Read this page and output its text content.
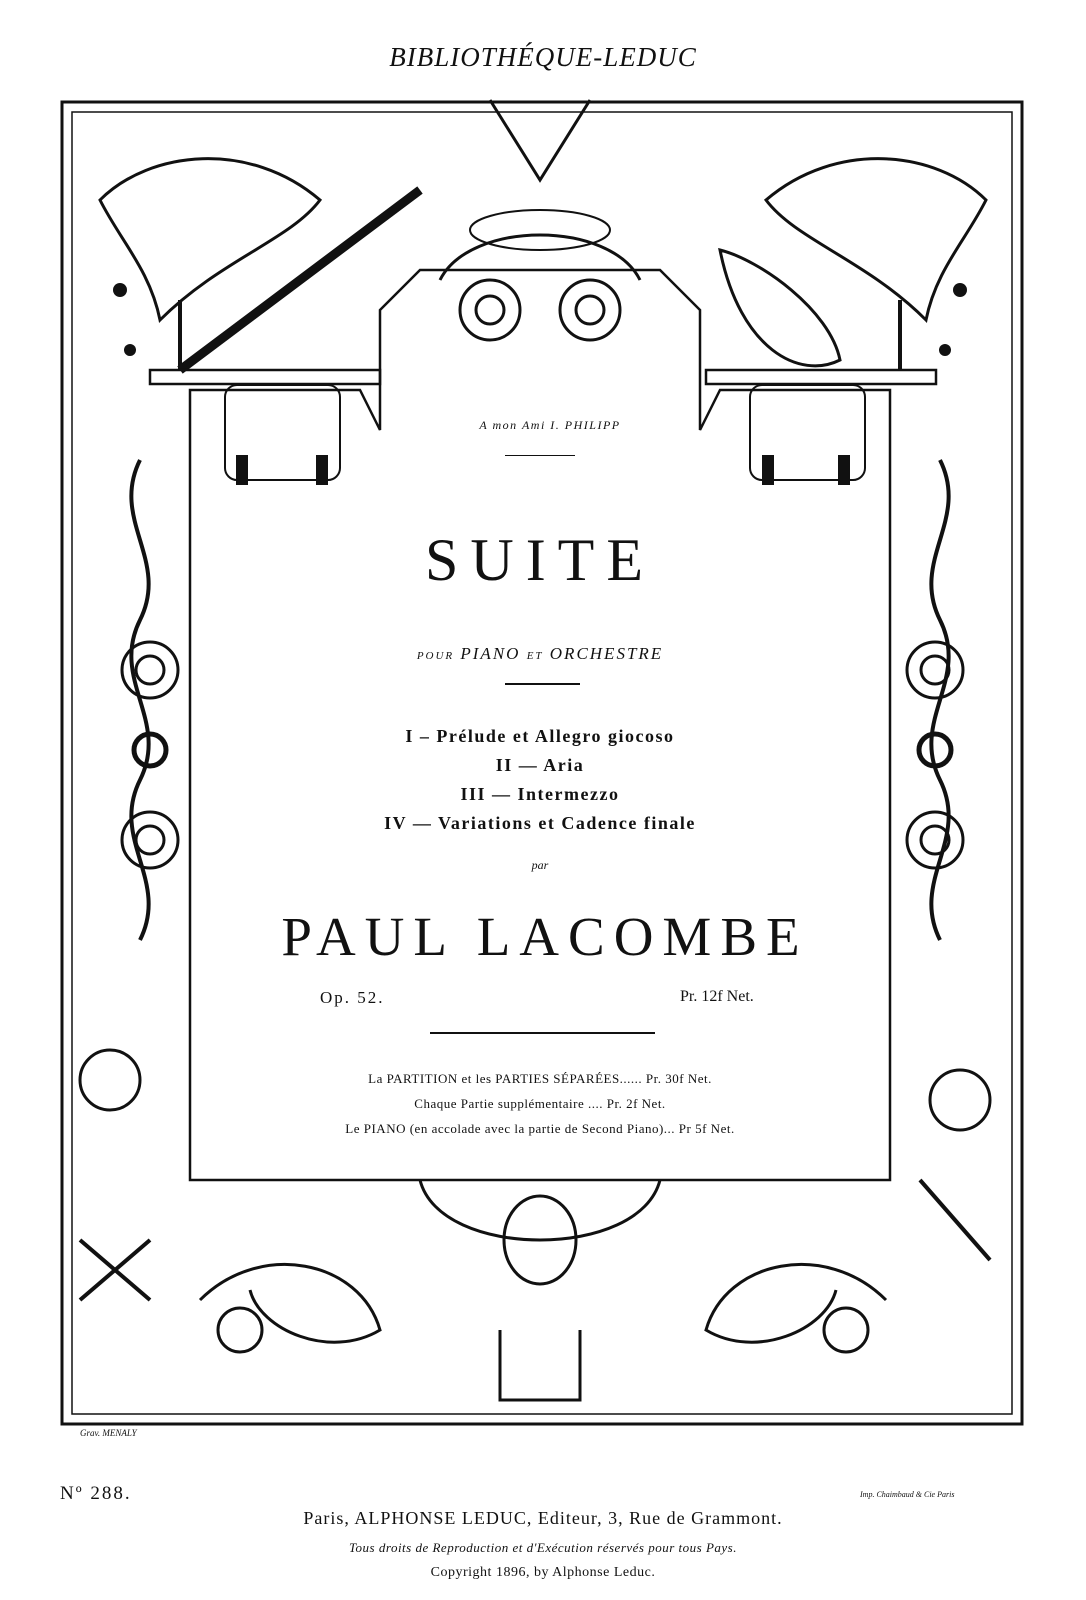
BIBLIOTHÉQUE-LEDUC
A mon Ami I. PHILIPP
SUITE
POUR PIANO ET ORCHESTRE
I – Prélude et Allegro giocoso
II — Aria
III — Intermezzo
IV — Variations et Cadence finale
par
PAUL LACOMBE
Op. 52.	Pr. 12f Net.
La PARTITION et les PARTIES SÉPARÉES...... Pr. 30f Net.
Chaque Partie supplémentaire .... Pr. 2f Net.
Le PIANO (en accolade avec la partie de Second Piano)... Pr 5f Net.
Grav. MENALY
Imp. Chaimbaud & Cie Paris
Nº 288.
Paris, ALPHONSE LEDUC, Editeur, 3, Rue de Grammont.
Tous droits de Reproduction et d'Exécution réservés pour tous Pays.
Copyright 1896, by Alphonse Leduc.
